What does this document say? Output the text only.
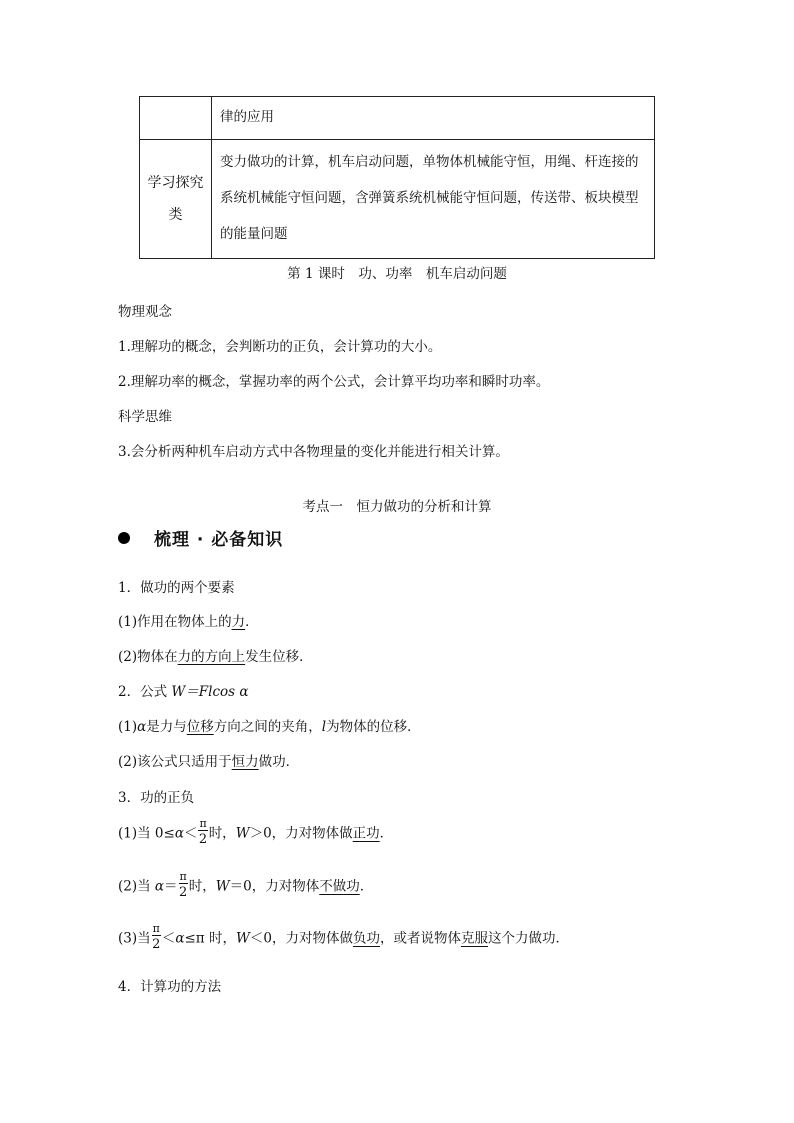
	律的应用
学习探究类	变力做功的计算，机车启动问题，单物体机械能守恒，用绳、杆连接的系统机械能守恒问题，含弹簧系统机械能守恒问题，传送带、板块模型的能量问题
第 1 课时　功、功率　机车启动问题
物理观念
1.理解功的概念，会判断功的正负，会计算功的大小。
2.理解功率的概念，掌握功率的两个公式，会计算平均功率和瞬时功率。
科学思维
3.会分析两种机车启动方式中各物理量的变化并能进行相关计算。
考点一　恒力做功的分析和计算
梳理 · 必备知识
1．做功的两个要素
(1)作用在物体上的力．
(2)物体在力的方向上发生位移．
2．公式 W＝Flcos α
(1)α是力与位移方向之间的夹角，l为物体的位移．
(2)该公式只适用于恒力做功．
3．功的正负
(1)当 $0\le\alpha< \frac{\pi}{2}$ 时，W＞0，力对物体做正功．
(2)当 $\alpha= \frac{\pi}{2}$ 时，W＝0，力对物体不做功．
(3)当 $\frac{\pi}{2} <\alpha\le\pi$ 时，W＜0，力对物体做负功，或者说物体克服这个力做功．
4．计算功的方法
